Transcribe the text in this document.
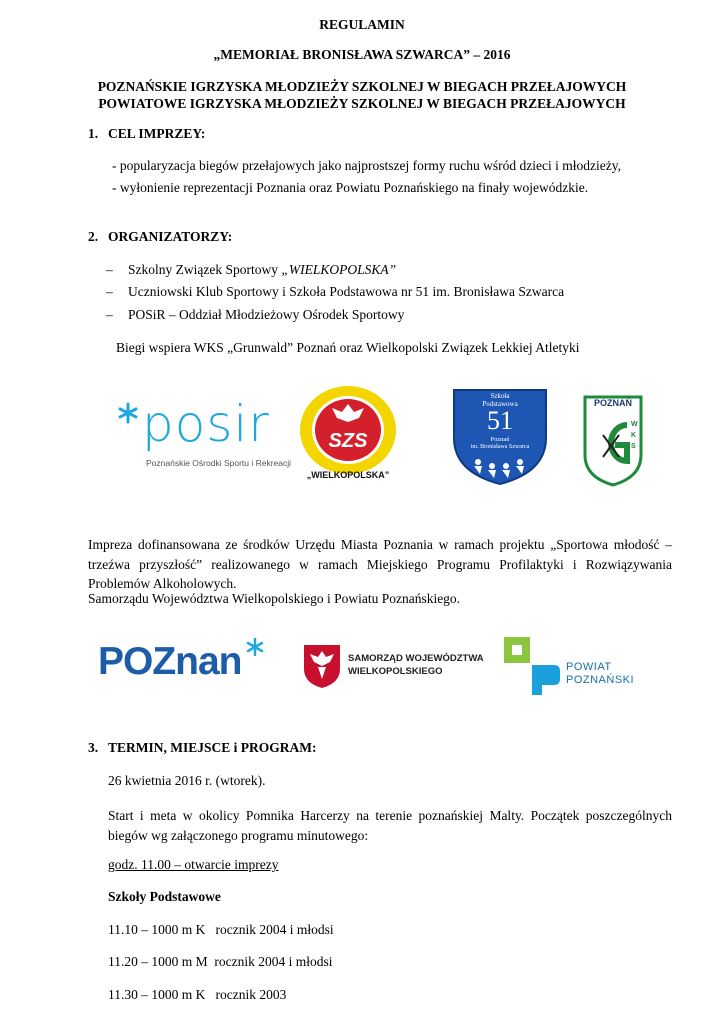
REGULAMIN
„MEMORIAŁ BRONISŁAWA SZWARCA” – 2016
POZNAŃSKIE IGRZYSKA MŁODZIEŻY SZKOLNEJ W BIEGACH PRZEŁAJOWYCH
POWIATOWE IGRZYSKA MŁODZIEŻY SZKOLNEJ W BIEGACH PRZEŁAJOWYCH
1. CEL IMPRZEY:
- popularyzacja biegów przełajowych jako najprostszej formy ruchu wśród dzieci i młodzieży,
- wyłonienie reprezentacji Poznania oraz Powiatu Poznańskiego na finały wojewódzkie.
2. ORGANIZATORZY:
– Szkolny Związek Sportowy „WIELKOPOLSKA”
– Uczniowski Klub Sportowy i Szkoła Podstawowa nr 51 im. Bronisława Szwarca
– POSiR – Oddział Młodzieżowy Ośrodek Sportowy
Biegi wspiera WKS „Grunwald” Poznań oraz Wielkopolski Związek Lekkiej Atletyki
posir
Poznańskie Ośrodki Sportu i Rekreacji
SZS
„WIELKOPOLSKA”
Szkoła
Podstawowa
51
Poznań
im. Bronisława Szwarca
POZNAŃ
WKS
Impreza dofinansowana ze środków Urzędu Miasta Poznania w ramach projektu „Sportowa młodość – trzeźwa przyszłość” realizowanego w ramach Miejskiego Programu Profilaktyki i Rozwiązywania Problemów Alkoholowych.
Samorządu Województwa Wielkopolskiego i Powiatu Poznańskiego.
POZnan	SAMORZĄD WOJEWÓDZTWA
WIELKOPOLSKIEGO	POWIAT
POZNAŃSKI
3. TERMIN, MIEJSCE i PROGRAM:
26 kwietnia 2016 r. (wtorek).
Start i meta w okolicy Pomnika Harcerzy na terenie poznańskiej Malty. Początek poszczególnych biegów wg załączonego programu minutowego:
godz. 11.00 – otwarcie imprezy
Szkoły Podstawowe
11.10 – 1000 m K   rocznik 2004 i młodsi
11.20 – 1000 m M  rocznik 2004 i młodsi
11.30 – 1000 m K   rocznik 2003
